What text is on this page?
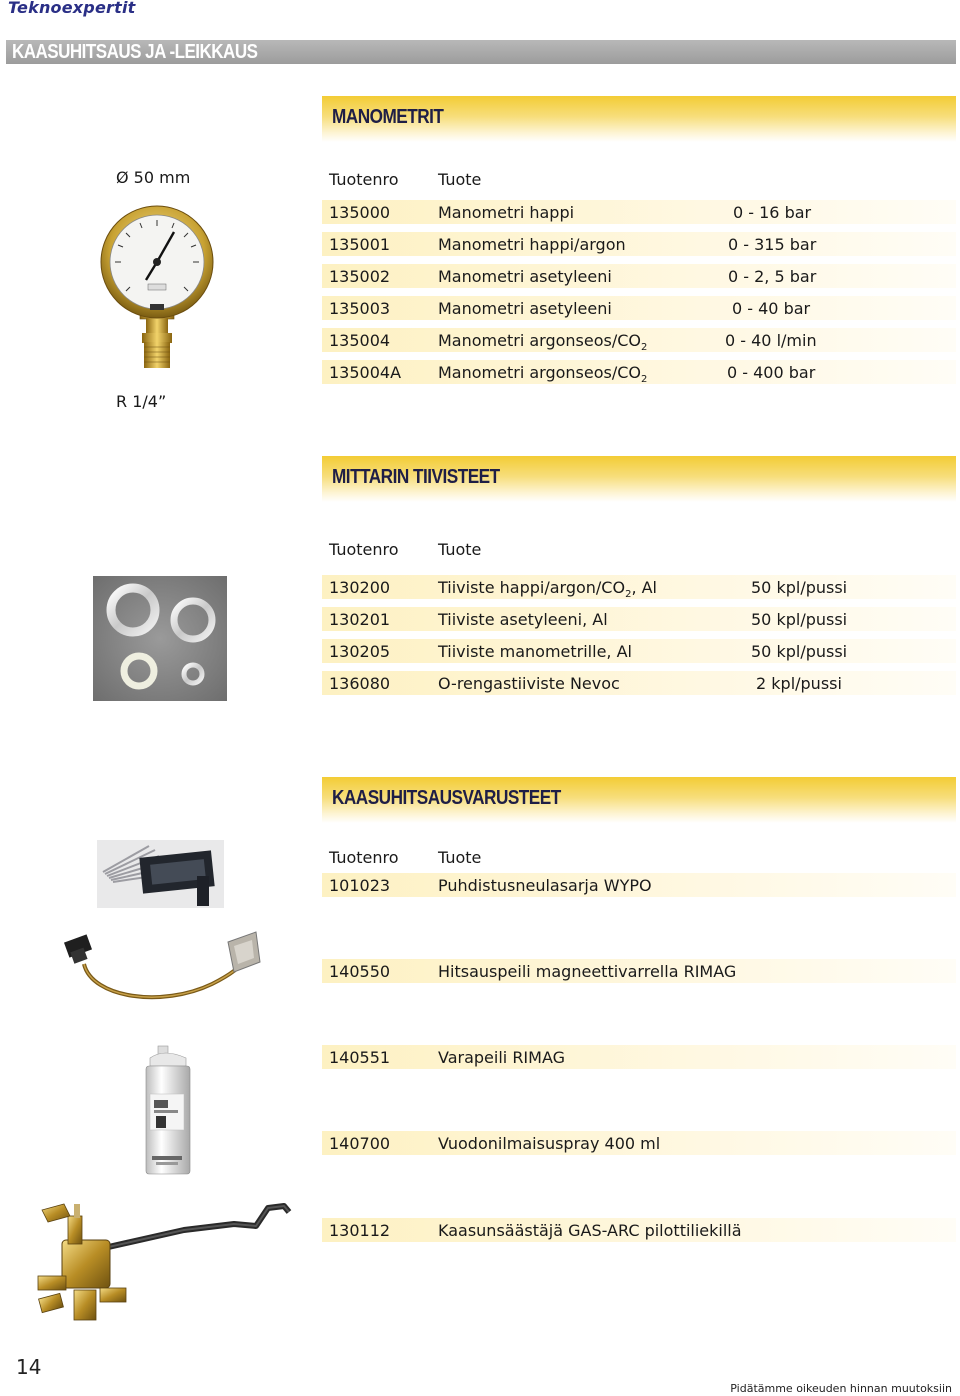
Teknoexpertit
KAASUHITSAUS JA -LEIKKAUS
MANOMETRIT
Ø 50 mm
R 1/4”
Tuotenro Tuote
135000	Manometri happi	0 - 16 bar
135001	Manometri happi/argon	0 - 315 bar
135002	Manometri asetyleeni	0 - 2, 5 bar
135003	Manometri asetyleeni	0 - 40 bar
135004	Manometri argonseos/$CO_2$	0 - 40 l/min
135004A Manometri argonseos/$CO_2$	0 - 400 bar
MITTARIN TIIVISTEET
Tuotenro Tuote
130200	Tiiviste happi/$argon/CO_2$, Al	50 kpl/pussi
130201	Tiiviste asetyleeni, Al	50 kpl/pussi
130205	Tiiviste manometrille, Al	50 kpl/pussi
136080	O-rengastiiviste Nevoc	2 kpl/pussi
KAASUHITSAUSVARUSTEET
Tuotenro Tuote
101023	Puhdistusneulasarja WYPO
140550	Hitsauspeili magneettivarrella RIMAG
140551	Varapeili RIMAG
140700	Vuodonilmaisuspray 400 ml
130112	Kaasunsäästäjä GAS-ARC pilottiliekillä
14
Pidätämme oikeuden hinnan muutoksiin
